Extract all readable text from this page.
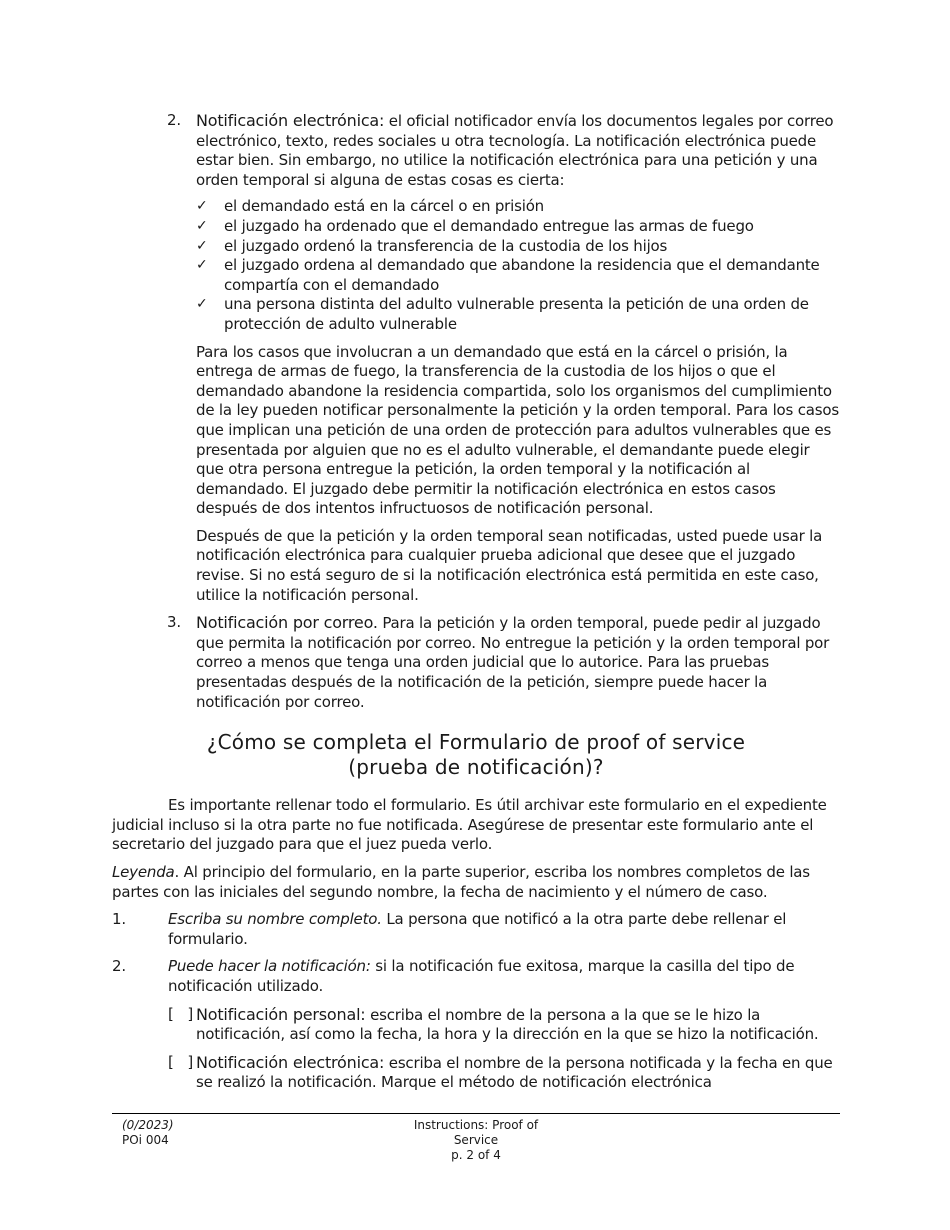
2. Notificación electrónica: el oficial notificador envía los documentos legales por correo electrónico, texto, redes sociales u otra tecnología. La notificación electrónica puede estar bien. Sin embargo, no utilice la notificación electrónica para una petición y una orden temporal si alguna de estas cosas es cierta:

✓ el demandado está en la cárcel o en prisión
✓ el juzgado ha ordenado que el demandado entregue las armas de fuego
✓ el juzgado ordenó la transferencia de la custodia de los hijos
✓ el juzgado ordena al demandado que abandone la residencia que el demandante compartía con el demandado
✓ una persona distinta del adulto vulnerable presenta la petición de una orden de protección de adulto vulnerable

Para los casos que involucran a un demandado que está en la cárcel o prisión, la entrega de armas de fuego, la transferencia de la custodia de los hijos o que el demandado abandone la residencia compartida, solo los organismos del cumplimiento de la ley pueden notificar personalmente la petición y la orden temporal. Para los casos que implican una petición de una orden de protección para adultos vulnerables que es presentada por alguien que no es el adulto vulnerable, el demandante puede elegir que otra persona entregue la petición, la orden temporal y la notificación al demandado. El juzgado debe permitir la notificación electrónica en estos casos después de dos intentos infructuosos de notificación personal.

Después de que la petición y la orden temporal sean notificadas, usted puede usar la notificación electrónica para cualquier prueba adicional que desee que el juzgado revise. Si no está seguro de si la notificación electrónica está permitida en este caso, utilice la notificación personal.

3. Notificación por correo. Para la petición y la orden temporal, puede pedir al juzgado que permita la notificación por correo. No entregue la petición y la orden temporal por correo a menos que tenga una orden judicial que lo autorice. Para las pruebas presentadas después de la notificación de la petición, siempre puede hacer la notificación por correo.

¿Cómo se completa el Formulario de proof of service
(prueba de notificación)?

Es importante rellenar todo el formulario. Es útil archivar este formulario en el expediente judicial incluso si la otra parte no fue notificada. Asegúrese de presentar este formulario ante el secretario del juzgado para que el juez pueda verlo.

Leyenda. Al principio del formulario, en la parte superior, escriba los nombres completos de las partes con las iniciales del segundo nombre, la fecha de nacimiento y el número de caso.

1.	Escriba su nombre completo. La persona que notificó a la otra parte debe rellenar el formulario.

2.	Puede hacer la notificación: si la notificación fue exitosa, marque la casilla del tipo de notificación utilizado.

[   ] Notificación personal: escriba el nombre de la persona a la que se le hizo la notificación, así como la fecha, la hora y la dirección en la que se hizo la notificación.

[   ] Notificación electrónica: escriba el nombre de la persona notificada y la fecha en que se realizó la notificación. Marque el método de notificación electrónica

(0/2023)
POi 004
Instructions: Proof of
Service
p. 2 of 4
